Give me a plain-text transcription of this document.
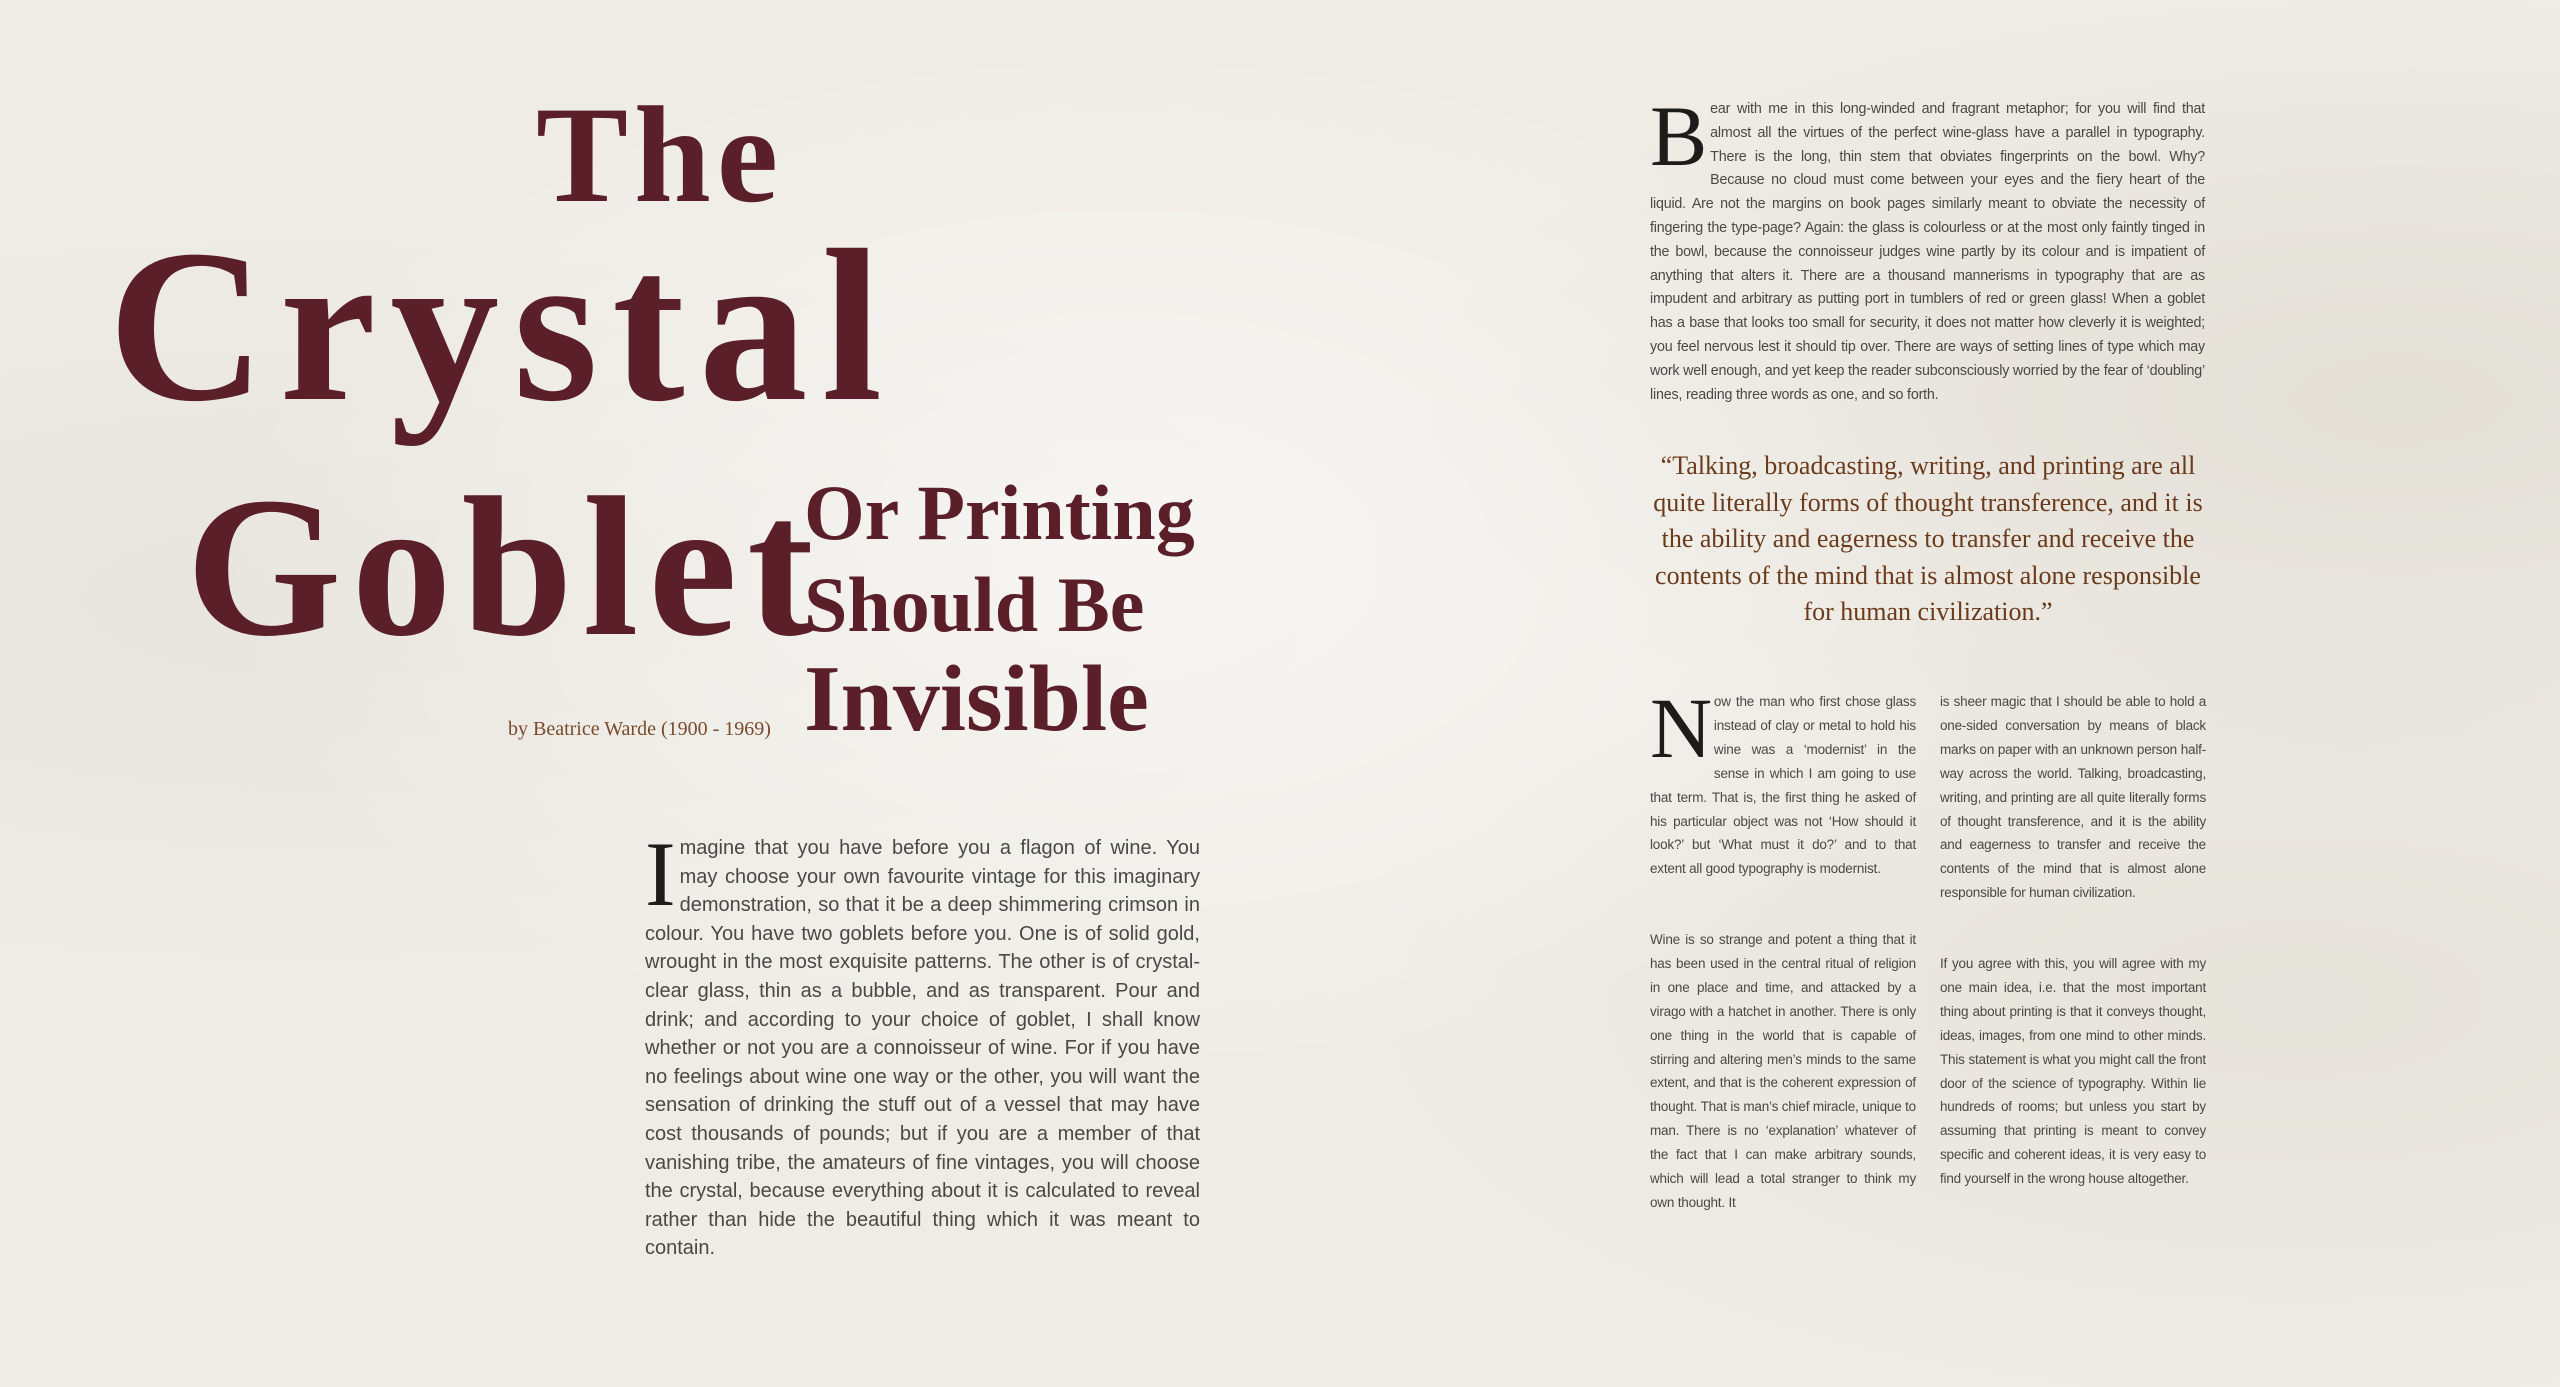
The
Crystal
Goblet
Or Printing
Should Be
Invisible

by Beatrice Warde (1900 - 1969)

Imagine that you have before you a flagon of wine. You may choose your own favourite vintage for this imaginary demonstration, so that it be a deep shimmering crimson in colour. You have two goblets before you. One is of solid gold, wrought in the most exquisite patterns. The other is of crystal-clear glass, thin as a bubble, and as transparent. Pour and drink; and according to your choice of goblet, I shall know whether or not you are a connoisseur of wine. For if you have no feelings about wine one way or the other, you will want the sensation of drinking the stuff out of a vessel that may have cost thousands of pounds; but if you are a member of that vanishing tribe, the amateurs of fine vintages, you will choose the crystal, because everything about it is calculated to reveal rather than hide the beautiful thing which it was meant to contain.

Bear with me in this long-winded and fragrant metaphor; for you will find that almost all the virtues of the perfect wine-glass have a parallel in typography. There is the long, thin stem that obviates fingerprints on the bowl. Why? Because no cloud must come between your eyes and the fiery heart of the liquid. Are not the margins on book pages similarly meant to obviate the necessity of fingering the type-page? Again: the glass is colourless or at the most only faintly tinged in the bowl, because the connoisseur judges wine partly by its colour and is impatient of anything that alters it. There are a thousand mannerisms in typography that are as impudent and arbitrary as putting port in tumblers of red or green glass! When a goblet has a base that looks too small for security, it does not matter how cleverly it is weighted; you feel nervous lest it should tip over. There are ways of setting lines of type which may work well enough, and yet keep the reader subconsciously worried by the fear of ‘doubling’ lines, reading three words as one, and so forth.

“Talking, broadcasting, writing, and printing are all quite literally forms of thought transference, and it is the ability and eagerness to transfer and receive the contents of the mind that is almost alone responsible for human civilization.”

Now the man who first chose glass instead of clay or metal to hold his wine was a ‘modernist’ in the sense in which I am going to use that term. That is, the first thing he asked of his particular object was not ‘How should it look?’ but ‘What must it do?’ and to that extent all good typography is modernist.

Wine is so strange and potent a thing that it has been used in the central ritual of religion in one place and time, and attacked by a virago with a hatchet in another. There is only one thing in the world that is capable of stirring and altering men’s minds to the same extent, and that is the coherent expression of thought. That is man’s chief miracle, unique to man. There is no ‘explanation’ whatever of the fact that I can make arbitrary sounds, which will lead a total stranger to think my own thought. It

is sheer magic that I should be able to hold a one-sided conversation by means of black marks on paper with an unknown person half-way across the world. Talking, broadcasting, writing, and printing are all quite literally forms of thought transference, and it is the ability and eagerness to transfer and receive the contents of the mind that is almost alone responsible for human civilization.

If you agree with this, you will agree with my one main idea, i.e. that the most important thing about printing is that it conveys thought, ideas, images, from one mind to other minds. This statement is what you might call the front door of the science of typography. Within lie hundreds of rooms; but unless you start by assuming that printing is meant to convey specific and coherent ideas, it is very easy to find yourself in the wrong house altogether.
